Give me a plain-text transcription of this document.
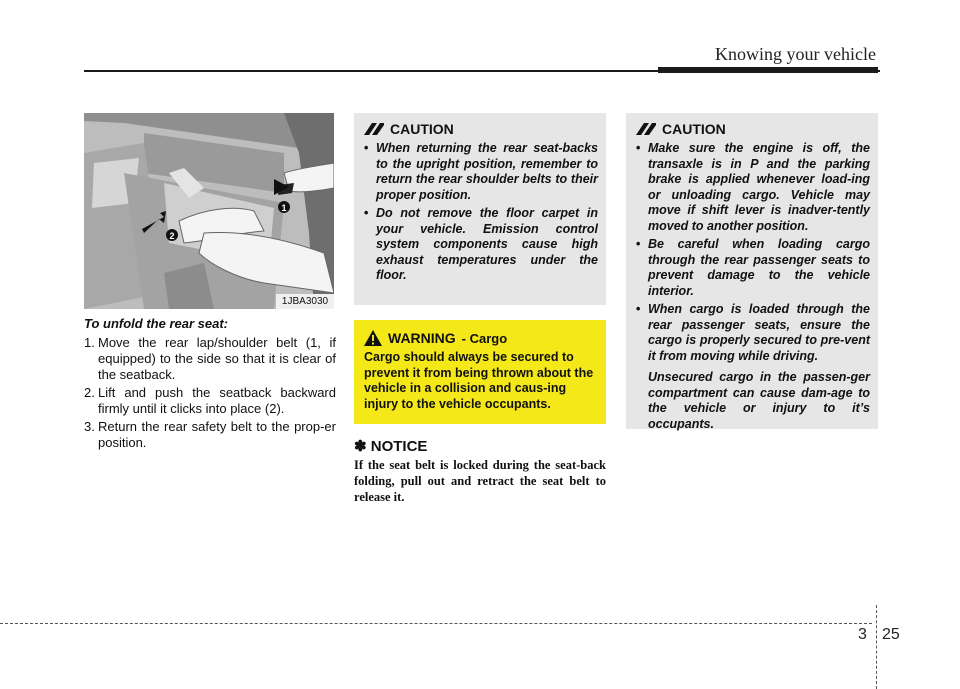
Knowing your vehicle
1
2
1JBA3030
To unfold the rear seat:
1. Move the rear lap/shoulder belt (1, if equipped) to the side so that it is clear of the seatback.
2. Lift and push the seatback backward firmly until it clicks into place (2).
3. Return the rear safety belt to the prop-er position.
CAUTION
• When returning the rear seat-backs to the upright position, remember to return the rear shoulder belts to their proper position.
• Do not remove the floor carpet in your vehicle. Emission control system components cause high exhaust temperatures under the floor.
WARNING - Cargo
Cargo should always be secured to prevent it from being thrown about the vehicle in a collision and caus-ing injury to the vehicle occupants.
✽ NOTICE
If the seat belt is locked during the seat-back folding, pull out and retract the seat belt to release it.
CAUTION
• Make sure the engine is off, the transaxle is in P and the parking brake is applied whenever load-ing or unloading cargo. Vehicle may move if shift lever is inadver-tently moved to another position.
• Be careful when loading cargo through the rear passenger seats to prevent damage to the vehicle interior.
• When cargo is loaded through the rear passenger seats, ensure the cargo is properly secured to pre-vent it from moving while driving.
Unsecured cargo in the passen-ger compartment can cause dam-age to the vehicle or injury to it’s occupants.
3 25
